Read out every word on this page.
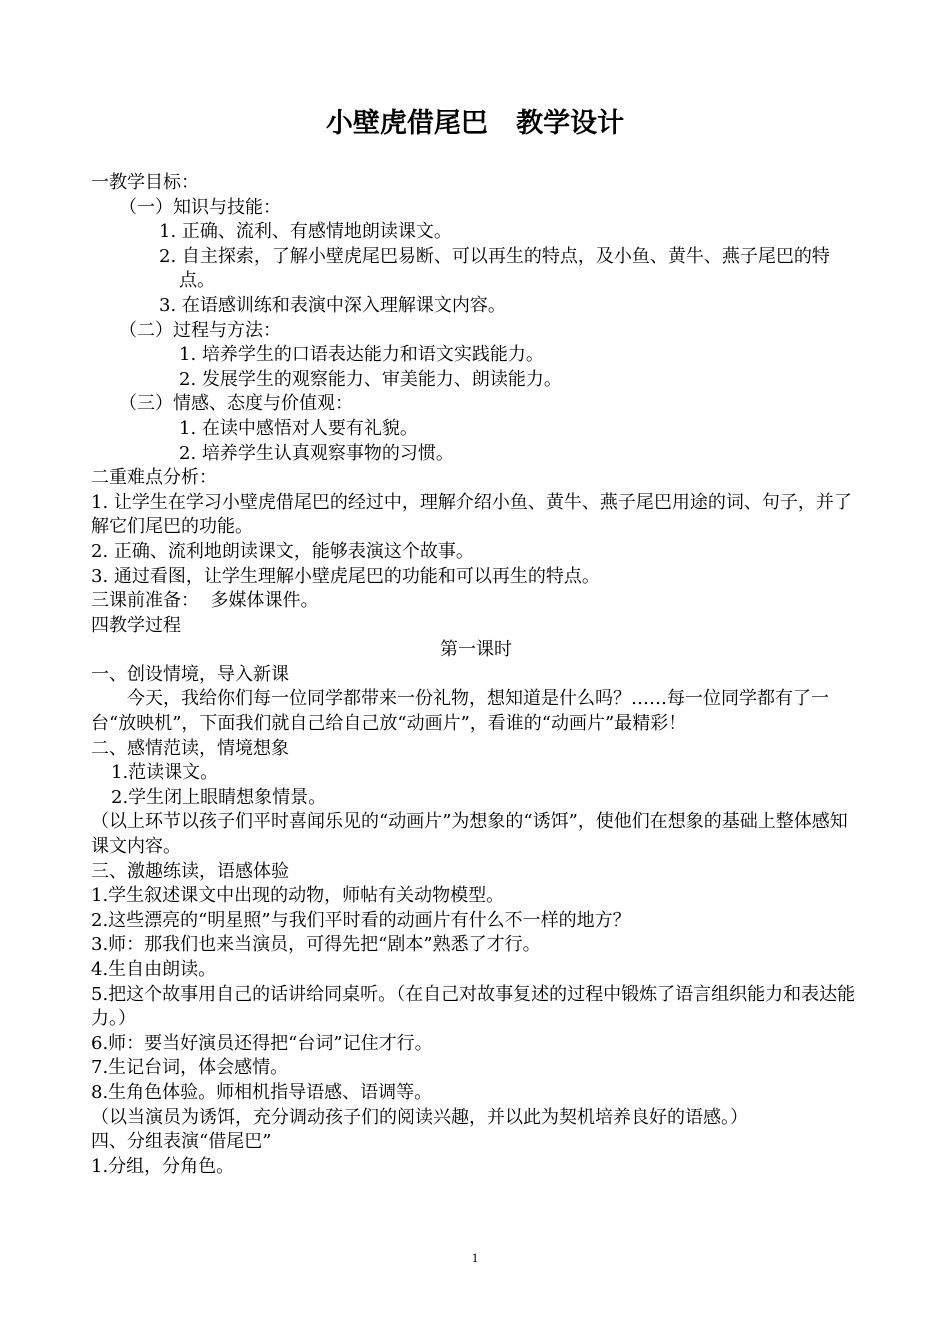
小壁虎借尾巴   教学设计

一教学目标：

（一）知识与技能：

1. 正确、流利、有感情地朗读课文。

2. 自主探索，了解小壁虎尾巴易断、可以再生的特点，及小鱼、黄牛、燕子尾巴的特点。

3. 在语感训练和表演中深入理解课文内容。

（二）过程与方法：

1. 培养学生的口语表达能力和语文实践能力。

2. 发展学生的观察能力、审美能力、朗读能力。

（三）情感、态度与价值观：

1. 在读中感悟对人要有礼貌。

2. 培养学生认真观察事物的习惯。

二重难点分析：

1. 让学生在学习小壁虎借尾巴的经过中，理解介绍小鱼、黄牛、燕子尾巴用途的词、句子，并了解它们尾巴的功能。

2. 正确、流利地朗读课文，能够表演这个故事。

3. 通过看图，让学生理解小壁虎尾巴的功能和可以再生的特点。

三课前准备：  多媒体课件。

四教学过程

第一课时

一、创设情境，导入新课

今天，我给你们每一位同学都带来一份礼物，想知道是什么吗？……每一位同学都有了一台“放映机”，下面我们就自己给自己放“动画片”，看谁的“动画片”最精彩！

二、感情范读，情境想象

1.范读课文。

2.学生闭上眼睛想象情景。

（以上环节以孩子们平时喜闻乐见的“动画片”为想象的“诱饵”，使他们在想象的基础上整体感知课文内容。

三、激趣练读，语感体验

1.学生叙述课文中出现的动物，师帖有关动物模型。

2.这些漂亮的“明星照”与我们平时看的动画片有什么不一样的地方？

3.师：那我们也来当演员，可得先把“剧本”熟悉了才行。

4.生自由朗读。

5.把这个故事用自己的话讲给同桌听。（在自己对故事复述的过程中锻炼了语言组织能力和表达能力。）

6.师：要当好演员还得把“台词”记住才行。

7.生记台词，体会感情。

8.生角色体验。师相机指导语感、语调等。

（以当演员为诱饵，充分调动孩子们的阅读兴趣，并以此为契机培养良好的语感。）

四、分组表演“借尾巴”

1.分组，分角色。

1
